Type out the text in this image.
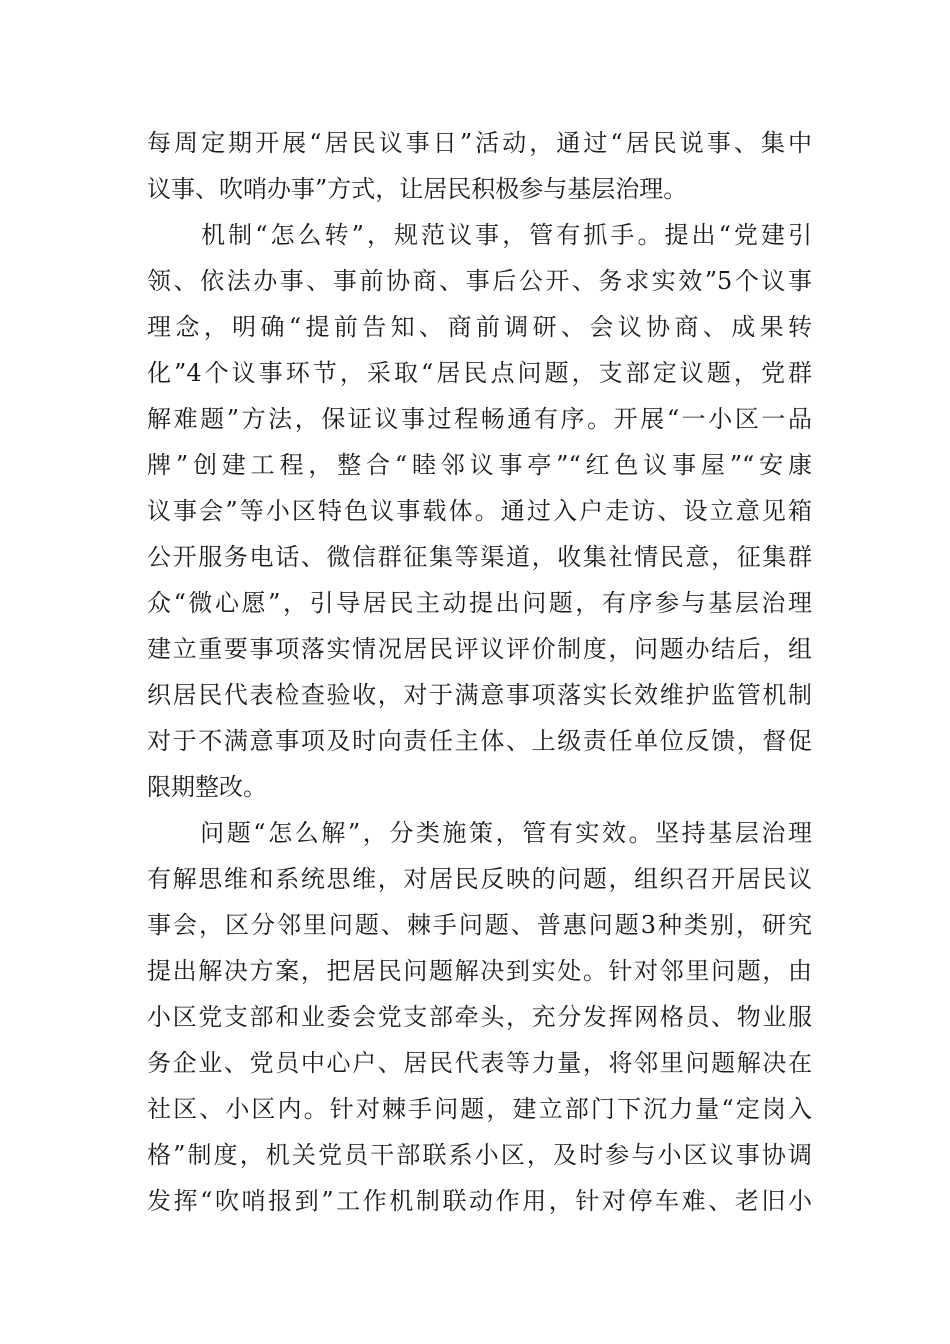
每周定期开展“居民议事日”活动，通过“居民说事、集中
议事、吹哨办事”方式，让居民积极参与基层治理。
　　机制“怎么转”，规范议事，管有抓手。提出“党建引
领、依法办事、事前协商、事后公开、务求实效”5个议事
理念，明确“提前告知、商前调研、会议协商、成果转
化”4个议事环节，采取“居民点问题，支部定议题，党群
解难题”方法，保证议事过程畅通有序。开展“一小区一品
牌”创建工程，整合“睦邻议事亭”“红色议事屋”“安康
议事会”等小区特色议事载体。通过入户走访、设立意见箱
公开服务电话、微信群征集等渠道，收集社情民意，征集群
众“微心愿”，引导居民主动提出问题，有序参与基层治理
建立重要事项落实情况居民评议评价制度，问题办结后，组
织居民代表检查验收，对于满意事项落实长效维护监管机制
对于不满意事项及时向责任主体、上级责任单位反馈，督促
限期整改。
　　问题“怎么解”，分类施策，管有实效。坚持基层治理
有解思维和系统思维，对居民反映的问题，组织召开居民议
事会，区分邻里问题、棘手问题、普惠问题3种类别，研究
提出解决方案，把居民问题解决到实处。针对邻里问题，由
小区党支部和业委会党支部牵头，充分发挥网格员、物业服
务企业、党员中心户、居民代表等力量，将邻里问题解决在
社区、小区内。针对棘手问题，建立部门下沉力量“定岗入
格”制度，机关党员干部联系小区，及时参与小区议事协调
发挥“吹哨报到”工作机制联动作用，针对停车难、老旧小
